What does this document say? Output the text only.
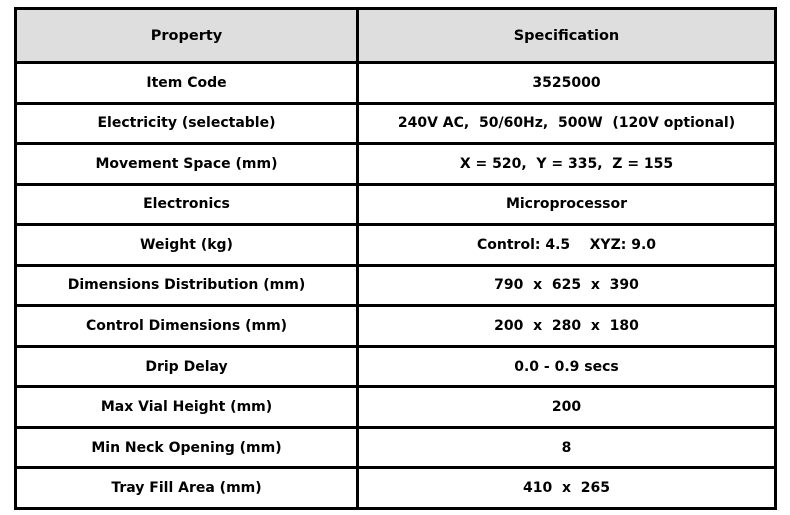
Property	Specification
Item Code	3525000
Electricity (selectable)	240V AC,  50/60Hz,  500W  (120V optional)
Movement Space (mm)	X = 520,  Y = 335,  Z = 155
Electronics	Microprocessor
Weight (kg)	Control: 4.5    XYZ: 9.0
Dimensions Distribution (mm)	790  x  625  x  390
Control Dimensions (mm)	200  x  280  x  180
Drip Delay	0.0 - 0.9 secs
Max Vial Height (mm)	200
Min Neck Opening (mm)	8
Tray Fill Area (mm)	410  x  265
